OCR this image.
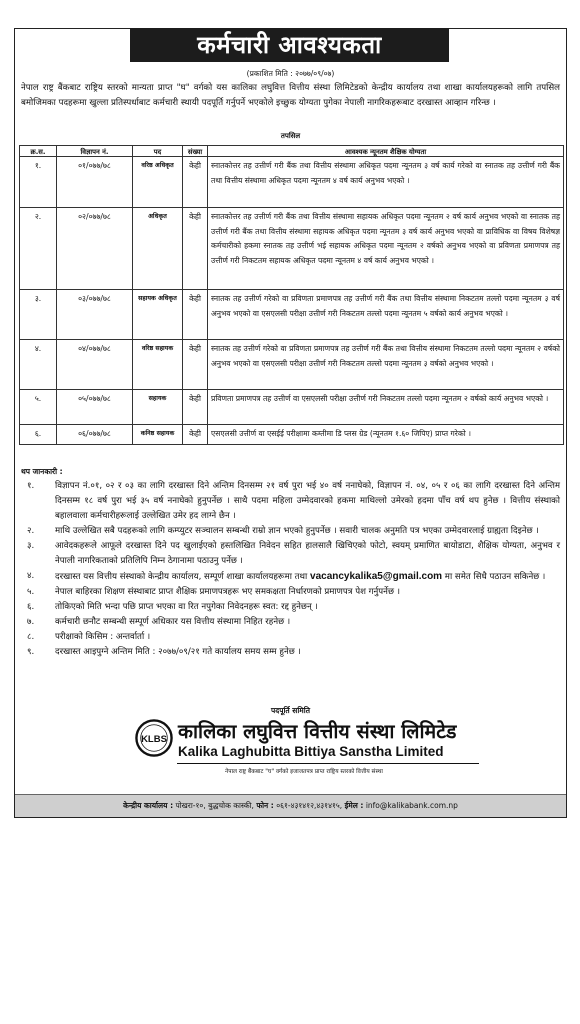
कर्मचारी आवश्यकता
(प्रकाशित मिति : २०७७/०९/०७)
नेपाल राष्ट्र बैंकबाट राष्ट्रिय स्तरको मान्यता प्राप्त "घ" वर्गको यस कालिका लघुवित्त वित्तीय संस्था लिमिटेडको केन्द्रीय कार्यालय तथा शाखा कार्यालयहरूको लागि तपसिल बमोजिमका पदहरूमा खुल्ला प्रतिस्पर्धाबाट कर्मचारी स्थायी पदपूर्ति गर्नुपर्ने भएकोले इच्छुक योग्यता पुगेका नेपाली नागरिकहरूबाट दरखास्त आव्हान गरिन्छ ।
तपसिल
क्र.स.	विज्ञापन नं.	पद	संख्या	आवश्यक न्यूनतम शैक्षिक योग्यता
१.	०१/०७७/७८	वरिष्ठ अधिकृत	केही	स्नातकोत्तर तह उत्तीर्ण गरी बैंक तथा वित्तीय संस्थामा अधिकृत पदमा न्यूनतम ३ वर्ष कार्य गरेको वा स्नातक तह उत्तीर्ण गरी बैंक तथा वित्तीय संस्थामा अधिकृत पदमा न्यूनतम ४ वर्ष कार्य अनुभव भएको ।
२.	०२/०७७/७८	अधिकृत	केही	स्नातकोत्तर तह उत्तीर्ण गरी बैंक तथा वित्तीय संस्थामा सहायक अधिकृत पदमा न्यूनतम २ वर्ष कार्य अनुभव भएको वा स्नातक तह उत्तीर्ण गरी बैंक तथा वित्तीय संस्थामा सहायक अधिकृत पदमा न्यूनतम ३ वर्ष कार्य अनुभव भएको वा प्राविधिक वा विषय विशेषज्ञ कर्मचारीको हकमा स्नातक तह उत्तीर्ण भई सहायक अधिकृत पदमा न्यूनतम २ वर्षको अनुभव भएको वा प्रविणता प्रमाणपत्र तह उत्तीर्ण गरी निकटतम सहायक अधिकृत पदमा न्यूनतम ४ वर्ष कार्य अनुभव भएको ।
३.	०३/०७७/७८	सहायक अधिकृत	केही	स्नातक तह उत्तीर्ण गरेको वा प्रविणता प्रमाणपत्र तह उत्तीर्ण गरी बैंक तथा वित्तीय संस्थामा निकटतम तल्लो पदमा न्यूनतम ३ वर्ष अनुभव भएको वा एसएलसी परीक्षा उत्तीर्ण गरी निकटतम तल्लो पदमा न्यूनतम ५ वर्षको कार्य अनुभव भएको ।
४.	०४/०७७/७८	वरिष्ठ सहायक	केही	स्नातक तह उत्तीर्ण गरेको वा प्रविणता प्रमाणपत्र तह उत्तीर्ण गरी बैंक तथा वित्तीय संस्थामा निकटतम तल्लो पदमा न्यूनतम २ वर्षको अनुभव भएको वा एसएलसी परीक्षा उत्तीर्ण गरी निकटतम तल्लो पदमा न्यूनतम ३ वर्षको अनुभव भएको ।
५.	०५/०७७/७८	सहायक	केही	प्रविणता प्रमाणपत्र तह उत्तीर्ण वा एसएलसी परीक्षा उत्तीर्ण गरी निकटतम तल्लो पदमा न्यूनतम २ वर्षको कार्य अनुभव भएको ।
६.	०६/०७७/७८	कनिष्ठ सहायक	केही	एसएलसी उत्तीर्ण वा एसईई परीक्षामा कम्तीमा डि प्लस ग्रेड (न्यूनतम १.६० जिपिए) प्राप्त गरेको ।
थप जानकारी :
१.	विज्ञापन नं.०१, ०२ र ०३ का लागि दरखास्त दिने अन्तिम दिनसम्म २१ वर्ष पुरा भई ४० वर्ष ननाघेको, विज्ञापन नं. ०४, ०५ र ०६ का लागि दरखास्त दिने अन्तिम दिनसम्म १८ वर्ष पुरा भई ३५ वर्ष ननाघेको हुनुपर्नेछ । साथै पदमा महिला उम्मेदवारको हकमा माथिल्लो उमेरको हदमा पाँच वर्ष थप हुनेछ । वित्तीय संस्थाको बहालवाला कर्मचारीहरूलाई उल्लेखित उमेर हद लाग्ने छैन ।
२.	माथि उल्लेखित सबै पदहरूको लागि कम्प्युटर सञ्चालन सम्बन्धी राम्रो ज्ञान भएको हुनुपर्नेछ । सवारी चालक अनुमति पत्र भएका उम्मेदवारलाई ग्राह्यता दिइनेछ ।
३.	आवेदकहरूले आफूले दरखास्त दिने पद खुलाईएको हस्तलिखित निवेदन सहित हालसालै खिचिएको फोटो, स्वयम् प्रमाणित बायोडाटा, शैक्षिक योग्यता, अनुभव र नेपाली नागरिकताको प्रतिलिपि निम्न ठेगानामा पठाउनु पर्नेछ ।
४.	दरखास्त यस वित्तीय संस्थाको केन्द्रीय कार्यालय, सम्पूर्ण शाखा कार्यालयहरूमा तथा vacancykalika5@gmail.com मा समेत सिधै पठाउन सकिनेछ ।
५.	नेपाल बाहिरका शिक्षण संस्थाबाट प्राप्त शैक्षिक प्रमाणपत्रहरू भए समकक्षता निर्धारणको प्रमाणपत्र पेश गर्नुपर्नेछ ।
६.	तोकिएको मिति भन्दा पछि प्राप्त भएका वा रित नपुगेका निवेदनहरू स्वत: रद्द हुनेछन् ।
७.	कर्मचारी छनौट सम्बन्धी सम्पूर्ण अधिकार यस वित्तीय संस्थामा निहित रहनेछ ।
८.	परीक्षाको किसिम : अन्तर्वार्ता ।
९.	दरखास्त आइपुग्ने अन्तिम मिति : २०७७/०९/२१ गते कार्यालय समय सम्म हुनेछ ।
पदपूर्ति समिति
KLBS कालिका लघुवित्त वित्तीय संस्था लिमिटेड
Kalika Laghubitta Bittiya Sanstha Limited
नेपाल राष्ट्र बैंकबाट "घ" वर्गको इजाजतपत्र प्राप्त राष्ट्रिय स्तरको वित्तीय संस्था
केन्द्रीय कार्यालय : पोखरा-१०, बुद्धचोक कास्की, फोन : ०६१-४३१४१२,४३१४१५, ईमेल : info@kalikabank.com.np
